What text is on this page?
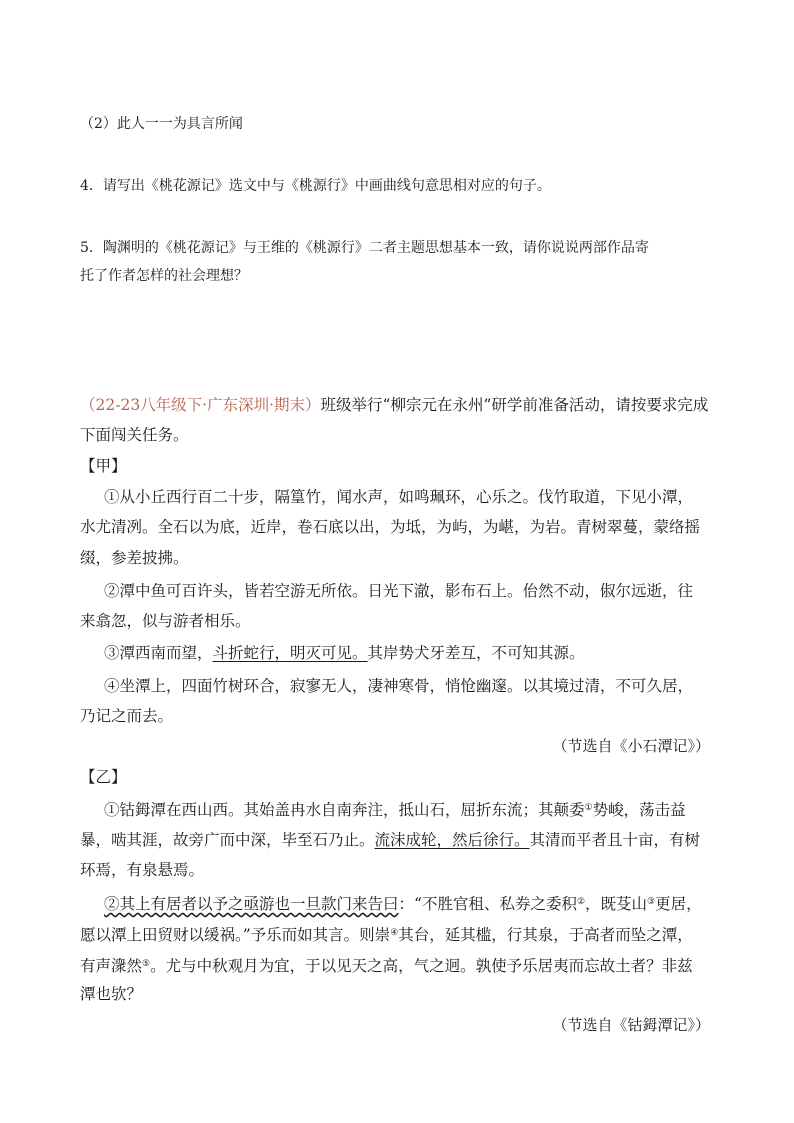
（2）此人一一为具言所闻
4．请写出《桃花源记》选文中与《桃源行》中画曲线句意思相对应的句子。
5．陶渊明的《桃花源记》与王维的《桃源行》二者主题思想基本一致，请你说说两部作品寄
托了作者怎样的社会理想？
（22-23八年级下·广东深圳·期末）班级举行“柳宗元在永州”研学前准备活动，请按要求完成
下面闯关任务。
【甲】
①从小丘西行百二十步，隔篁竹，闻水声，如鸣珮环，心乐之。伐竹取道，下见小潭，
水尤清冽。全石以为底，近岸，卷石底以出，为坻，为屿，为嵁，为岩。青树翠蔓，蒙络摇
缀，参差披拂。
②潭中鱼可百许头，皆若空游无所依。日光下澈，影布石上。佁然不动，俶尔远逝，往
来翕忽，似与游者相乐。
③潭西南而望，斗折蛇行，明灭可见。其岸势犬牙差互，不可知其源。
④坐潭上，四面竹树环合，寂寥无人，凄神寒骨，悄怆幽邃。以其境过清，不可久居，
乃记之而去。
（节选自《小石潭记》）
【乙】
①钴鉧潭在西山西。其始盖冉水自南奔注，抵山石，屈折东流；其颠委①势峻，荡击益
暴，啮其涯，故旁广而中深，毕至石乃止。流沫成轮，然后徐行。其清而平者且十亩，有树
环焉，有泉悬焉。
②其上有居者以予之亟游也一旦款门来告曰：“不胜官租、私券之委积②，既芟山③更居，
愿以潭上田贸财以缓祸。”予乐而如其言。则崇④其台，延其槛，行其泉，于高者而坠之潭，
有声潨然⑤。尤与中秋观月为宜，于以见天之高，气之迥。孰使予乐居夷而忘故土者？非兹
潭也欤？
（节选自《钴鉧潭记》）
